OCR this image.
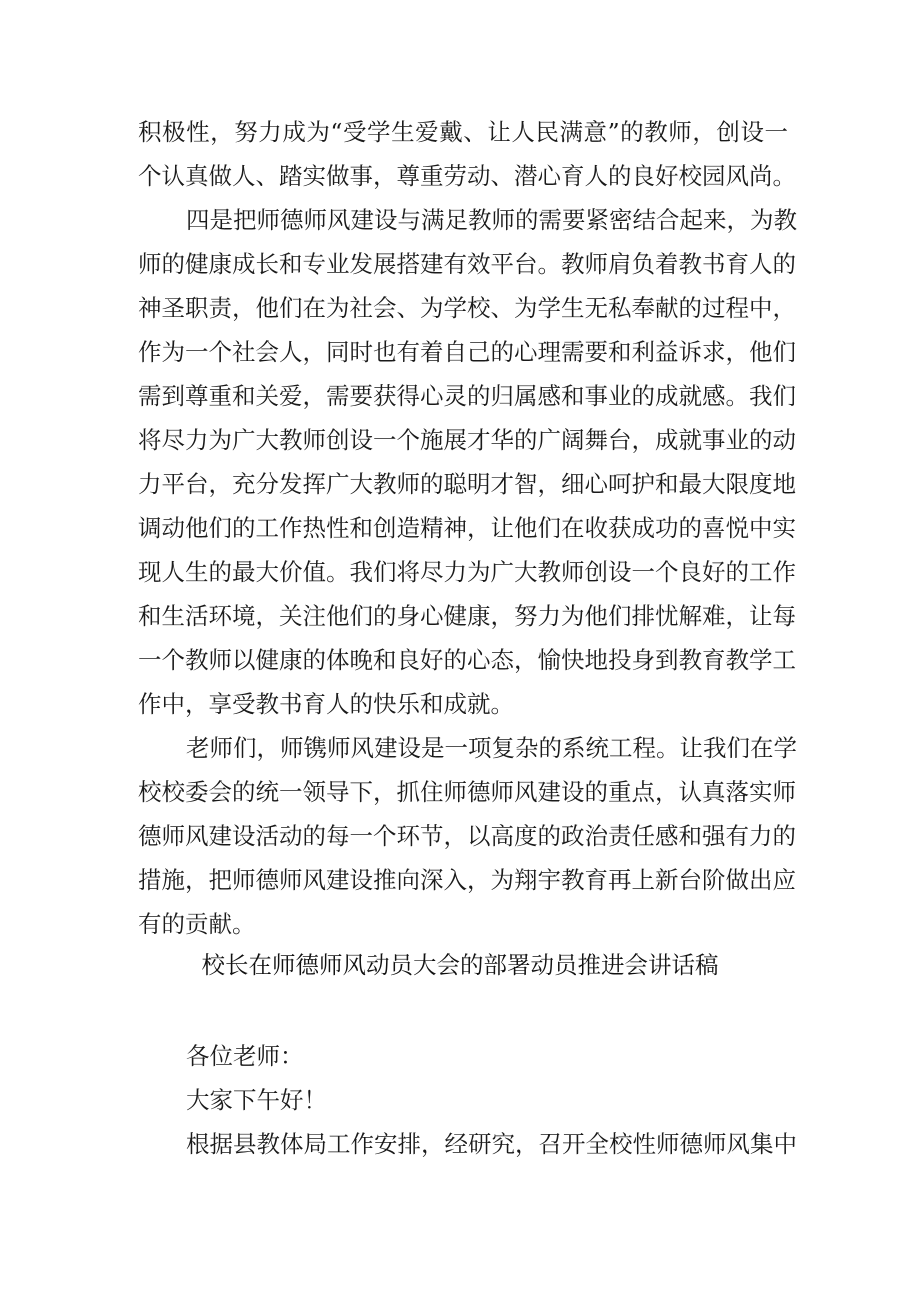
积极性，努力成为“受学生爱戴、让人民满意”的教师，创设一
个认真做人、踏实做事，尊重劳动、潜心育人的良好校园风尚。
四是把师德师风建设与满足教师的需要紧密结合起来，为教
师的健康成长和专业发展搭建有效平台。教师肩负着教书育人的
神圣职责，他们在为社会、为学校、为学生无私奉献的过程中，
作为一个社会人，同时也有着自己的心理需要和利益诉求，他们
需到尊重和关爱，需要获得心灵的归属感和事业的成就感。我们
将尽力为广大教师创设一个施展才华的广阔舞台，成就事业的动
力平台，充分发挥广大教师的聪明才智，细心呵护和最大限度地
调动他们的工作热性和创造精神，让他们在收获成功的喜悦中实
现人生的最大价值。我们将尽力为广大教师创设一个良好的工作
和生活环境，关注他们的身心健康，努力为他们排忧解难，让每
一个教师以健康的体晚和良好的心态，愉快地投身到教育教学工
作中，享受教书育人的快乐和成就。
老师们，师镌师风建设是一项复杂的系统工程。让我们在学
校校委会的统一领导下，抓住师德师风建设的重点，认真落实师
德师风建设活动的每一个环节，以高度的政治责任感和强有力的
措施，把师德师风建设推向深入，为翔宇教育再上新台阶做出应
有的贡献。
校长在师德师风动员大会的部署动员推进会讲话稿
各位老师：
大家下午好！
根据县教体局工作安排，经研究，召开全校性师德师风集中
